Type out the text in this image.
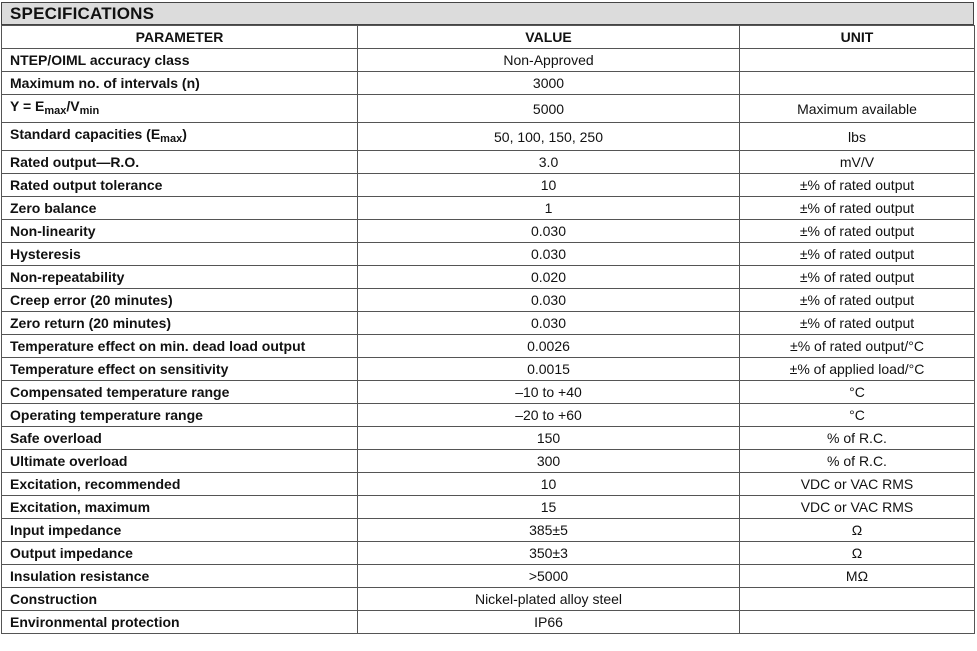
SPECIFICATIONS
PARAMETER	VALUE	UNIT
NTEP/OIML accuracy class	Non-Approved	
Maximum no. of intervals (n)	3000	
$Y = E_{max}/V_{min}$	5000	Maximum available
Standard capacities $(E_{max})$	50, 100, 150, 250	lbs
Rated output—R.O.	3.0	mV/V
Rated output tolerance	10	±% of rated output
Zero balance	1	±% of rated output
Non-linearity	0.030	±% of rated output
Hysteresis	0.030	±% of rated output
Non-repeatability	0.020	±% of rated output
Creep error (20 minutes)	0.030	±% of rated output
Zero return (20 minutes)	0.030	±% of rated output
Temperature effect on min. dead load output	0.0026	±% of rated output/°C
Temperature effect on sensitivity	0.0015	±% of applied load/°C
Compensated temperature range	–10 to +40	°C
Operating temperature range	–20 to +60	°C
Safe overload	150	% of R.C.
Ultimate overload	300	% of R.C.
Excitation, recommended	10	VDC or VAC RMS
Excitation, maximum	15	VDC or VAC RMS
Input impedance	385±5	Ω
Output impedance	350±3	Ω
Insulation resistance	>5000	MΩ
Construction	Nickel-plated alloy steel	
Environmental protection	IP66	
